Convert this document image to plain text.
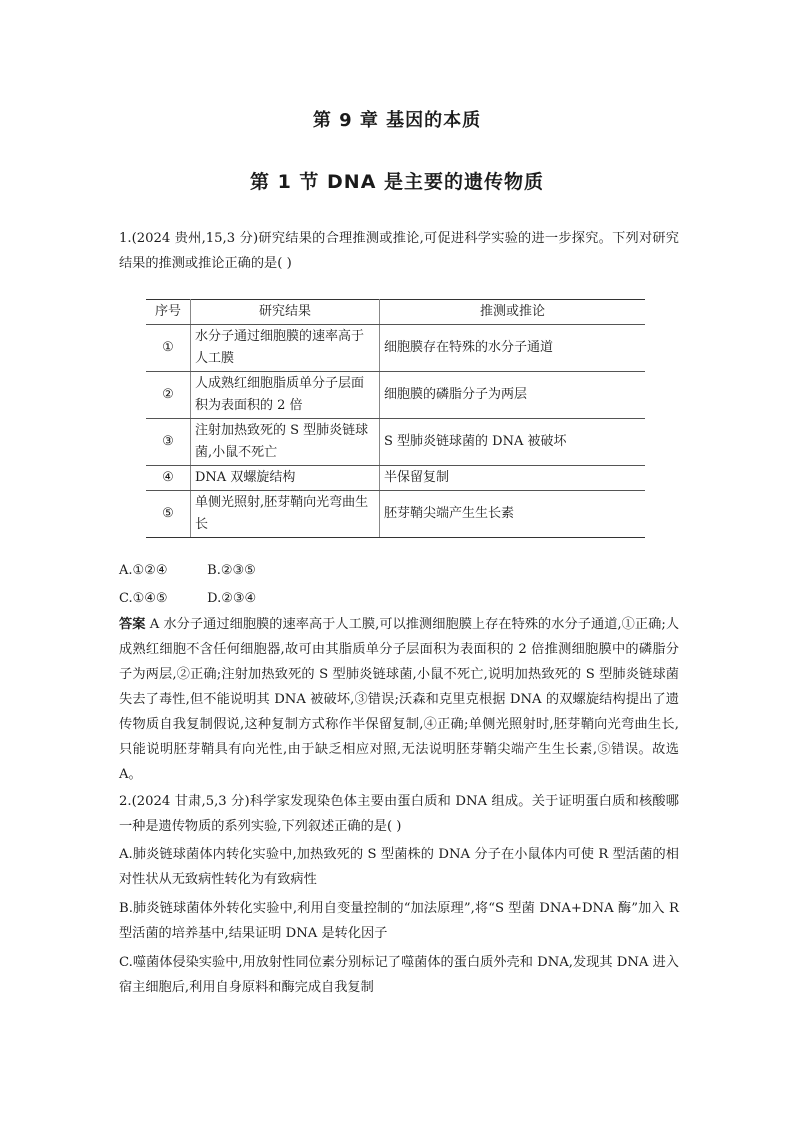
第 9 章 基因的本质
第 1 节 DNA 是主要的遗传物质

1.(2024 贵州,15,3 分)研究结果的合理推测或推论,可促进科学实验的进一步探究。下列对研究结果的推测或推论正确的是( )

序号	研究结果	推测或推论
①	水分子通过细胞膜的速率高于人工膜	细胞膜存在特殊的水分子通道
②	人成熟红细胞脂质单分子层面积为表面积的 2 倍	细胞膜的磷脂分子为两层
③	注射加热致死的 S 型肺炎链球菌,小鼠不死亡	S 型肺炎链球菌的 DNA 被破坏
④	DNA 双螺旋结构	半保留复制
⑤	单侧光照射,胚芽鞘向光弯曲生长	胚芽鞘尖端产生生长素
A.①②④	B.②③⑤
C.①④⑤	D.②③④

答案 A 水分子通过细胞膜的速率高于人工膜,可以推测细胞膜上存在特殊的水分子通道,①正确;人成熟红细胞不含任何细胞器,故可由其脂质单分子层面积为表面积的 2 倍推测细胞膜中的磷脂分子为两层,②正确;注射加热致死的 S 型肺炎链球菌,小鼠不死亡,说明加热致死的 S 型肺炎链球菌失去了毒性,但不能说明其 DNA 被破坏,③错误;沃森和克里克根据 DNA 的双螺旋结构提出了遗传物质自我复制假说,这种复制方式称作半保留复制,④正确;单侧光照射时,胚芽鞘向光弯曲生长,只能说明胚芽鞘具有向光性,由于缺乏相应对照,无法说明胚芽鞘尖端产生生长素,⑤错误。故选 A。

2.(2024 甘肃,5,3 分)科学家发现染色体主要由蛋白质和 DNA 组成。关于证明蛋白质和核酸哪一种是遗传物质的系列实验,下列叙述正确的是( )

A.肺炎链球菌体内转化实验中,加热致死的 S 型菌株的 DNA 分子在小鼠体内可使 R 型活菌的相对性状从无致病性转化为有致病性

B.肺炎链球菌体外转化实验中,利用自变量控制的“加法原理”,将“S 型菌 DNA+DNA 酶”加入 R 型活菌的培养基中,结果证明 DNA 是转化因子

C.噬菌体侵染实验中,用放射性同位素分别标记了噬菌体的蛋白质外壳和 DNA,发现其 DNA 进入宿主细胞后,利用自身原料和酶完成自我复制
